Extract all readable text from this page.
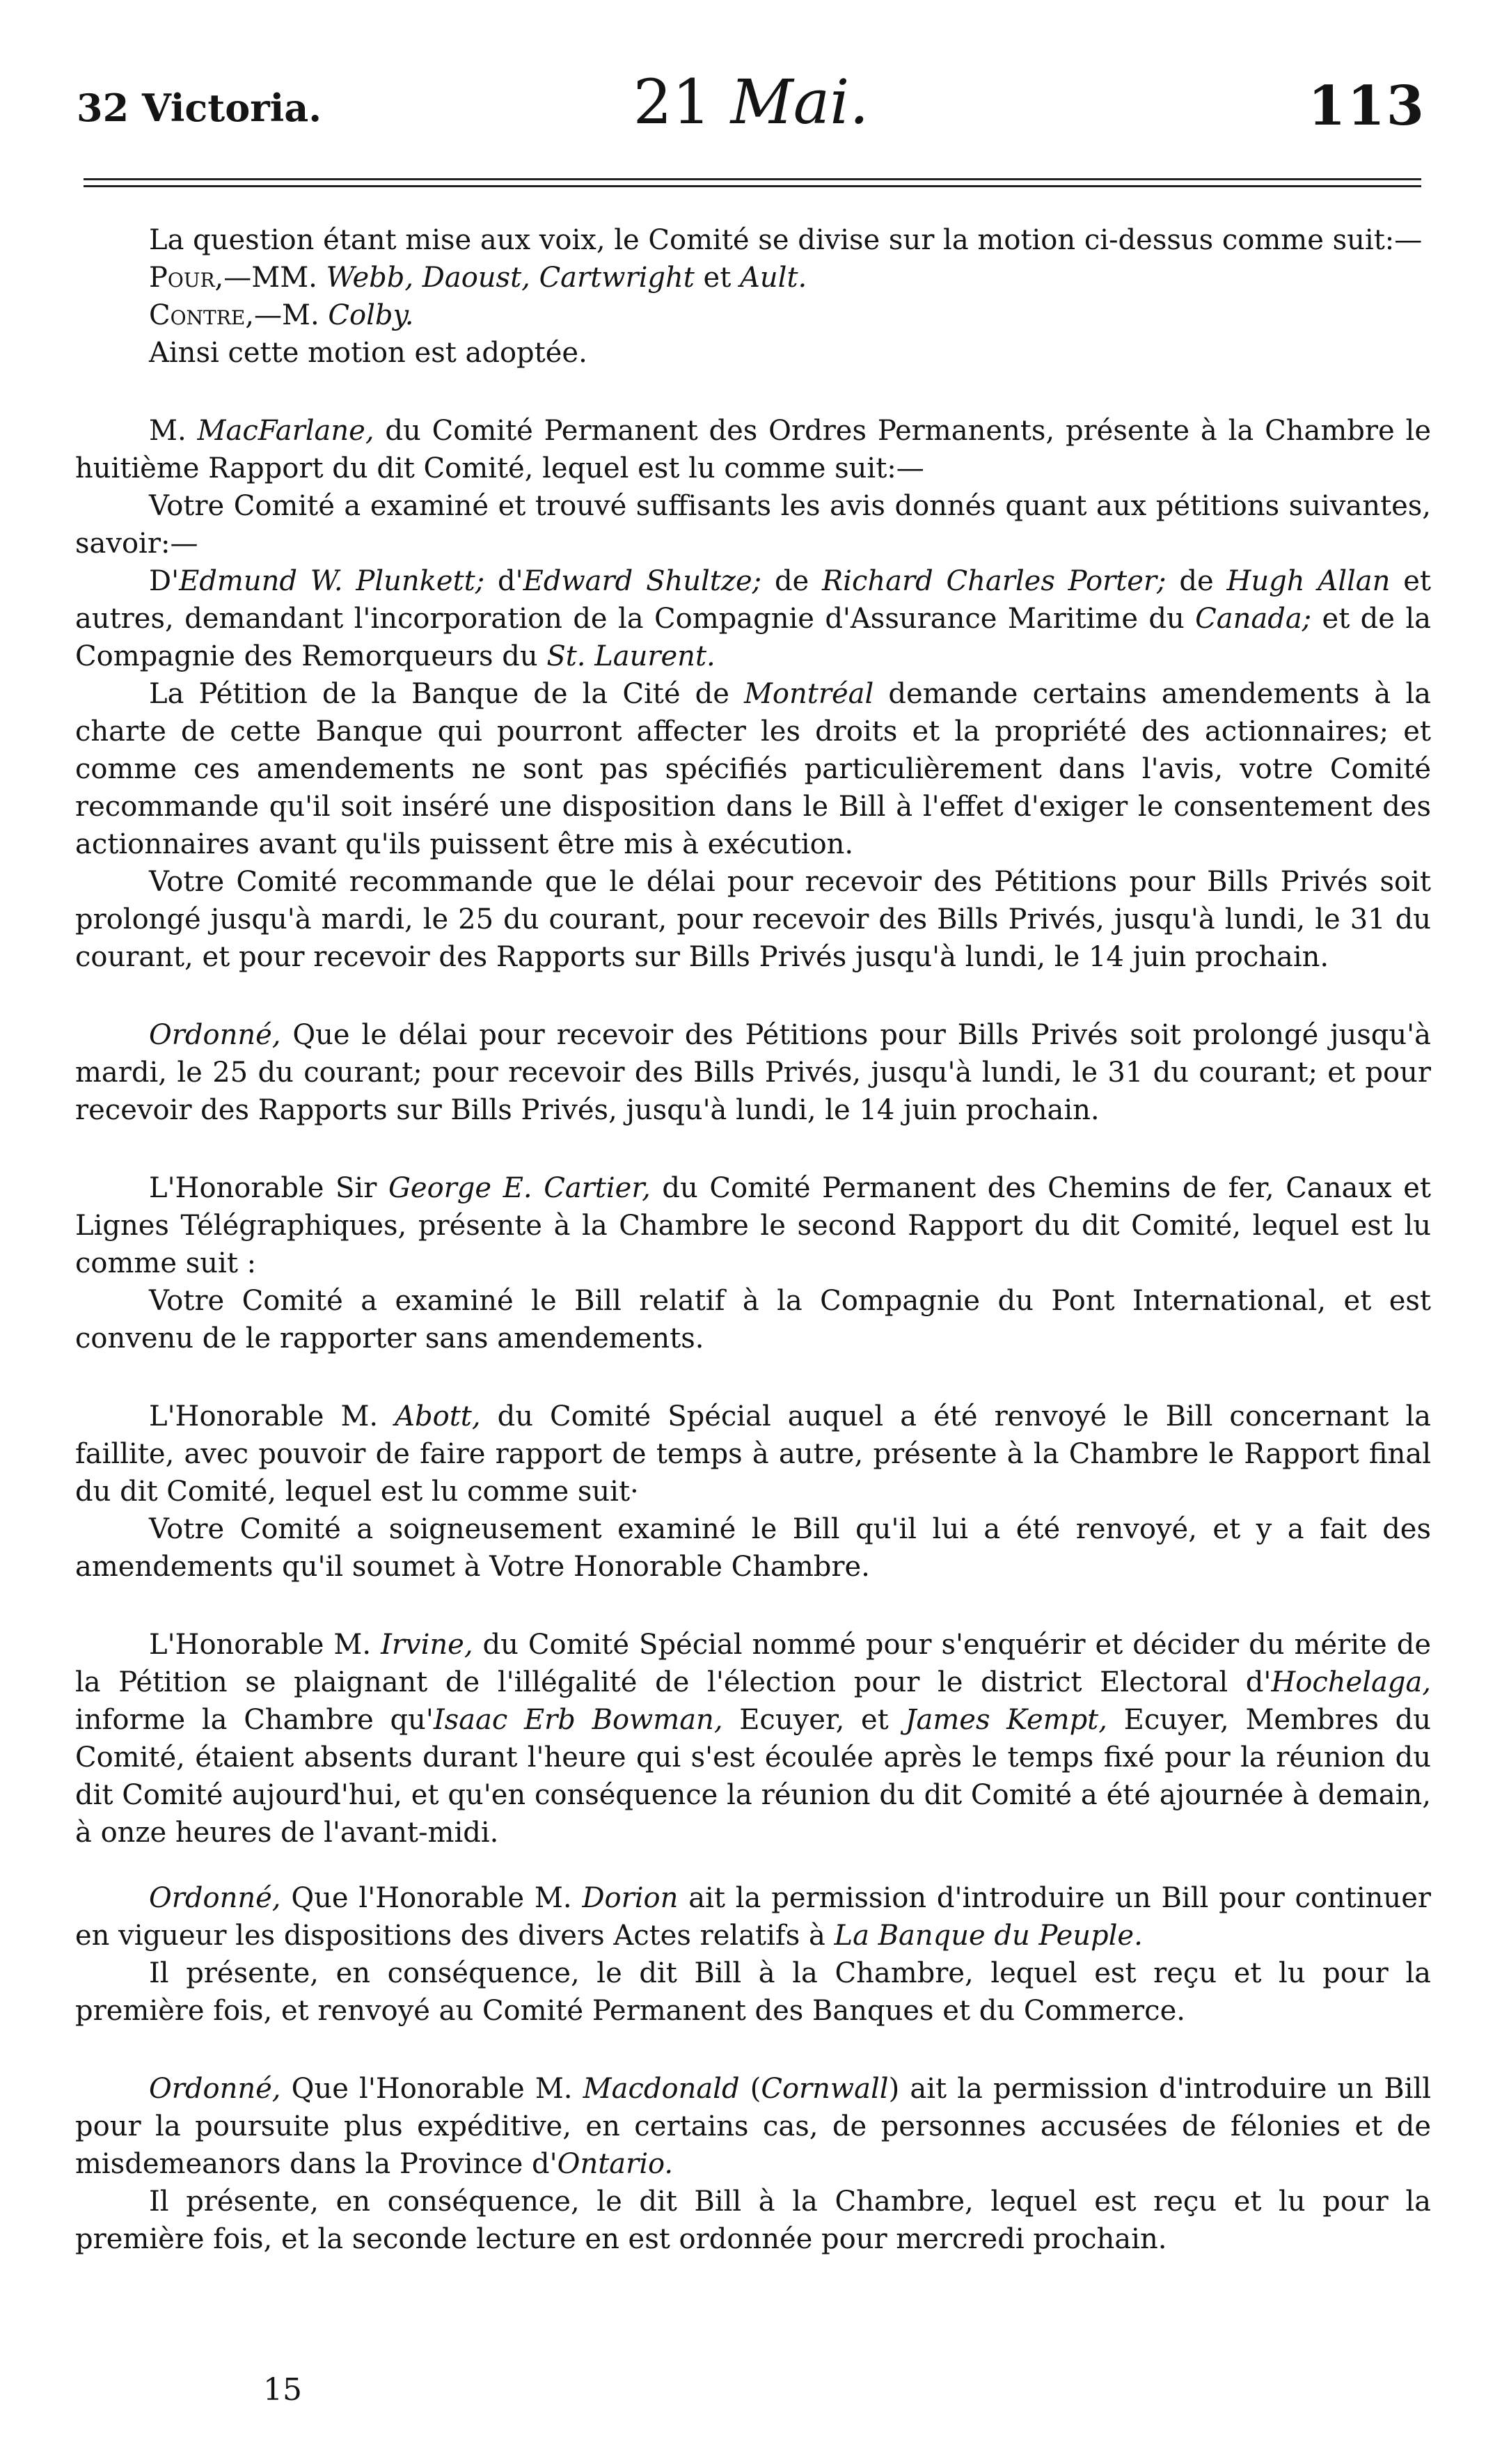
32 Victoria.	21 Mai.	113

La question étant mise aux voix, le Comité se divise sur la motion ci-dessus comme suit:—

Pour,—MM. Webb, Daoust, Cartwright et Ault.

Contre,—M. Colby.

Ainsi cette motion est adoptée.

M. MacFarlane, du Comité Permanent des Ordres Permanents, présente à la Chambre le huitième Rapport du dit Comité, lequel est lu comme suit:—

Votre Comité a examiné et trouvé suffisants les avis donnés quant aux pétitions suivantes, savoir:—

D'Edmund W. Plunkett; d'Edward Shultze; de Richard Charles Porter; de Hugh Allan et autres, demandant l'incorporation de la Compagnie d'Assurance Maritime du Canada; et de la Compagnie des Remorqueurs du St. Laurent.

La Pétition de la Banque de la Cité de Montréal demande certains amendements à la charte de cette Banque qui pourront affecter les droits et la propriété des actionnaires; et comme ces amendements ne sont pas spécifiés particulièrement dans l'avis, votre Comité recommande qu'il soit inséré une disposition dans le Bill à l'effet d'exiger le consentement des actionnaires avant qu'ils puissent être mis à exécution.

Votre Comité recommande que le délai pour recevoir des Pétitions pour Bills Privés soit prolongé jusqu'à mardi, le 25 du courant, pour recevoir des Bills Privés, jusqu'à lundi, le 31 du courant, et pour recevoir des Rapports sur Bills Privés jusqu'à lundi, le 14 juin prochain.

Ordonné, Que le délai pour recevoir des Pétitions pour Bills Privés soit prolongé jusqu'à mardi, le 25 du courant; pour recevoir des Bills Privés, jusqu'à lundi, le 31 du courant; et pour recevoir des Rapports sur Bills Privés, jusqu'à lundi, le 14 juin prochain.

L'Honorable Sir George E. Cartier, du Comité Permanent des Chemins de fer, Canaux et Lignes Télégraphiques, présente à la Chambre le second Rapport du dit Comité, lequel est lu comme suit :

Votre Comité a examiné le Bill relatif à la Compagnie du Pont International, et est convenu de le rapporter sans amendements.

L'Honorable M. Abott, du Comité Spécial auquel a été renvoyé le Bill concernant la faillite, avec pouvoir de faire rapport de temps à autre, présente à la Chambre le Rapport final du dit Comité, lequel est lu comme suit·

Votre Comité a soigneusement examiné le Bill qu'il lui a été renvoyé, et y a fait des amendements qu'il soumet à Votre Honorable Chambre.

L'Honorable M. Irvine, du Comité Spécial nommé pour s'enquérir et décider du mérite de la Pétition se plaignant de l'illégalité de l'élection pour le district Electoral d'Hochelaga, informe la Chambre qu'Isaac Erb Bowman, Ecuyer, et James Kempt, Ecuyer, Membres du Comité, étaient absents durant l'heure qui s'est écoulée après le temps fixé pour la réunion du dit Comité aujourd'hui, et qu'en conséquence la réunion du dit Comité a été ajournée à demain, à onze heures de l'avant-midi.

Ordonné, Que l'Honorable M. Dorion ait la permission d'introduire un Bill pour continuer en vigueur les dispositions des divers Actes relatifs à La Banque du Peuple.

Il présente, en conséquence, le dit Bill à la Chambre, lequel est reçu et lu pour la première fois, et renvoyé au Comité Permanent des Banques et du Commerce.

Ordonné, Que l'Honorable M. Macdonald (Cornwall) ait la permission d'introduire un Bill pour la poursuite plus expéditive, en certains cas, de personnes accusées de félonies et de misdemeanors dans la Province d'Ontario.

Il présente, en conséquence, le dit Bill à la Chambre, lequel est reçu et lu pour la première fois, et la seconde lecture en est ordonnée pour mercredi prochain.

15
